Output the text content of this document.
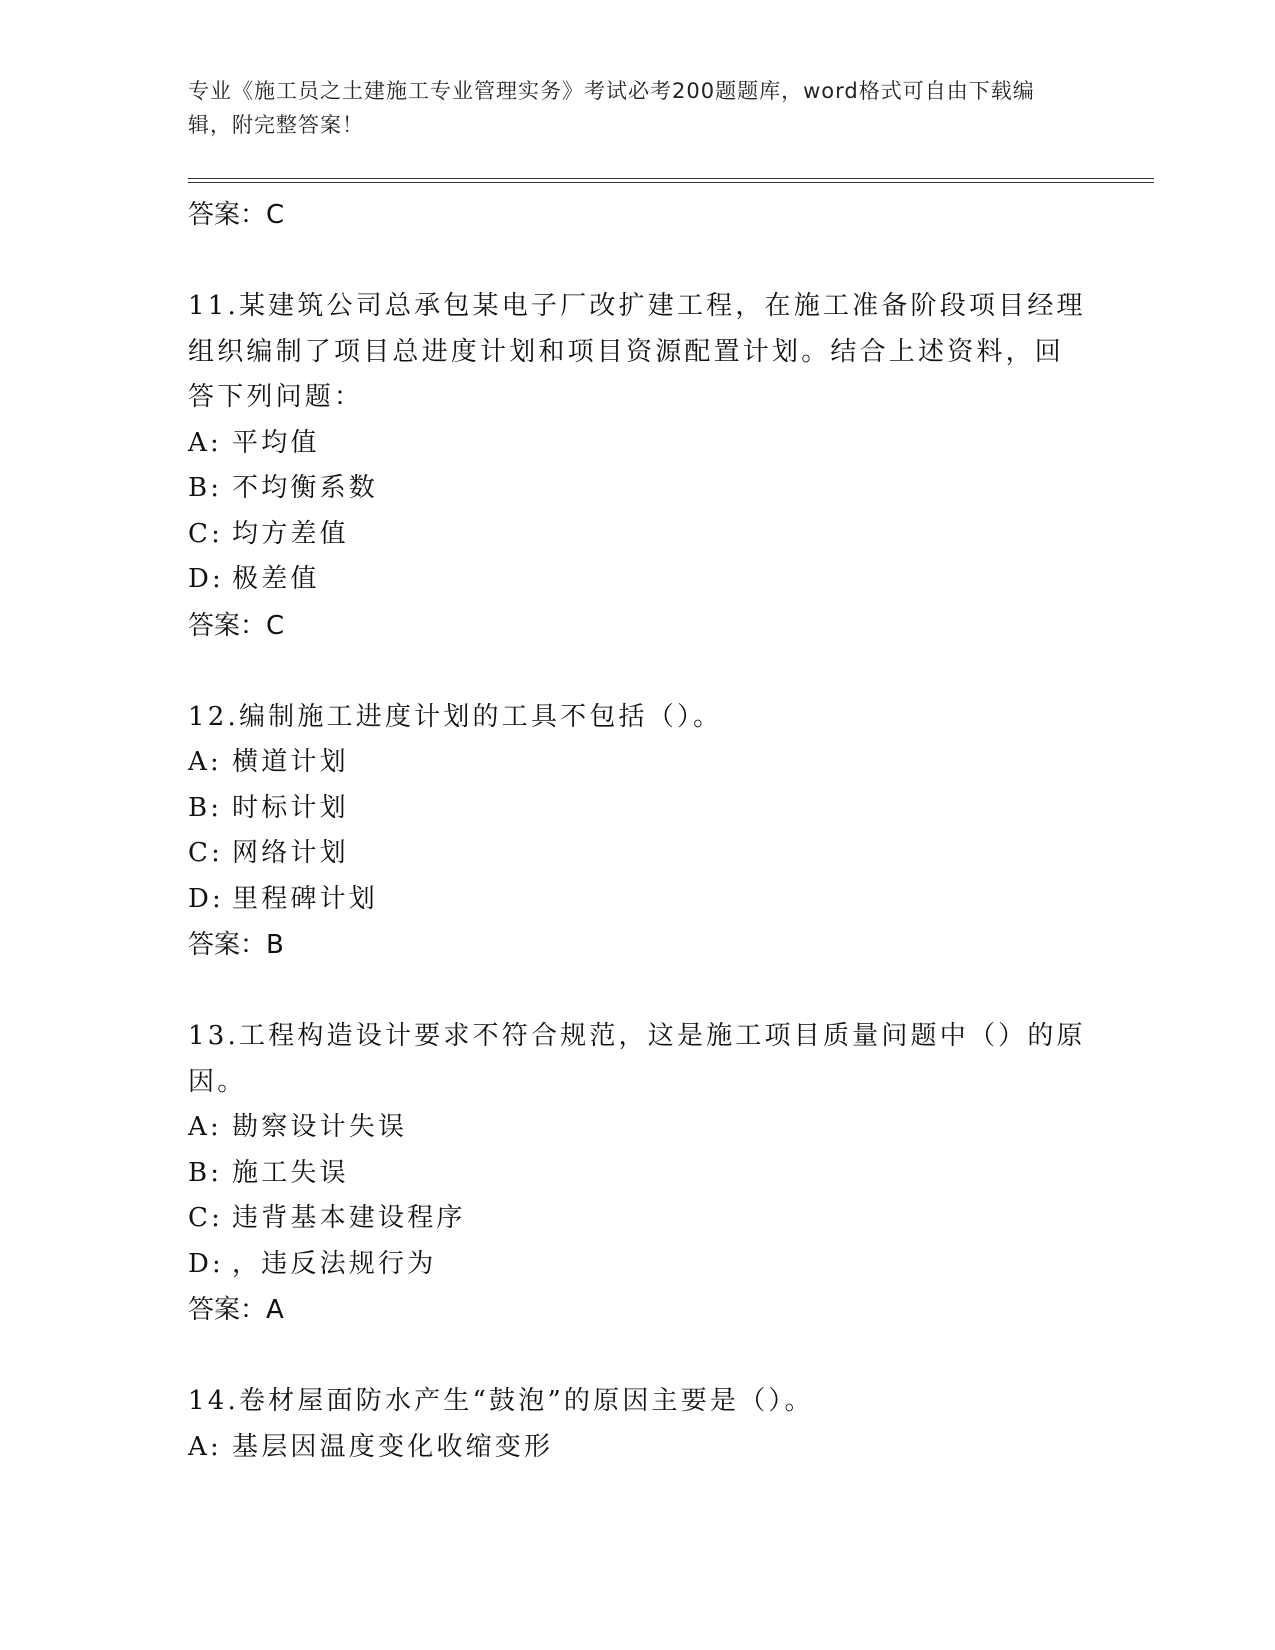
专业《施工员之土建施工专业管理实务》考试必考200题题库，word格式可自由下载编辑，附完整答案！
答案：C
11.某建筑公司总承包某电子厂改扩建工程，在施工准备阶段项目经理组织编制了项目总进度计划和项目资源配置计划。结合上述资料，回答下列问题：
A: 平均值
B: 不均衡系数
C: 均方差值
D: 极差值
答案：C
12.编制施工进度计划的工具不包括（）。
A: 横道计划
B: 时标计划
C: 网络计划
D: 里程碑计划
答案：B
13.工程构造设计要求不符合规范，这是施工项目质量问题中（）的原因。
A: 勘察设计失误
B: 施工失误
C: 违背基本建设程序
D: ，违反法规行为
答案：A
14.卷材屋面防水产生“鼓泡”的原因主要是（）。
A: 基层因温度变化收缩变形
